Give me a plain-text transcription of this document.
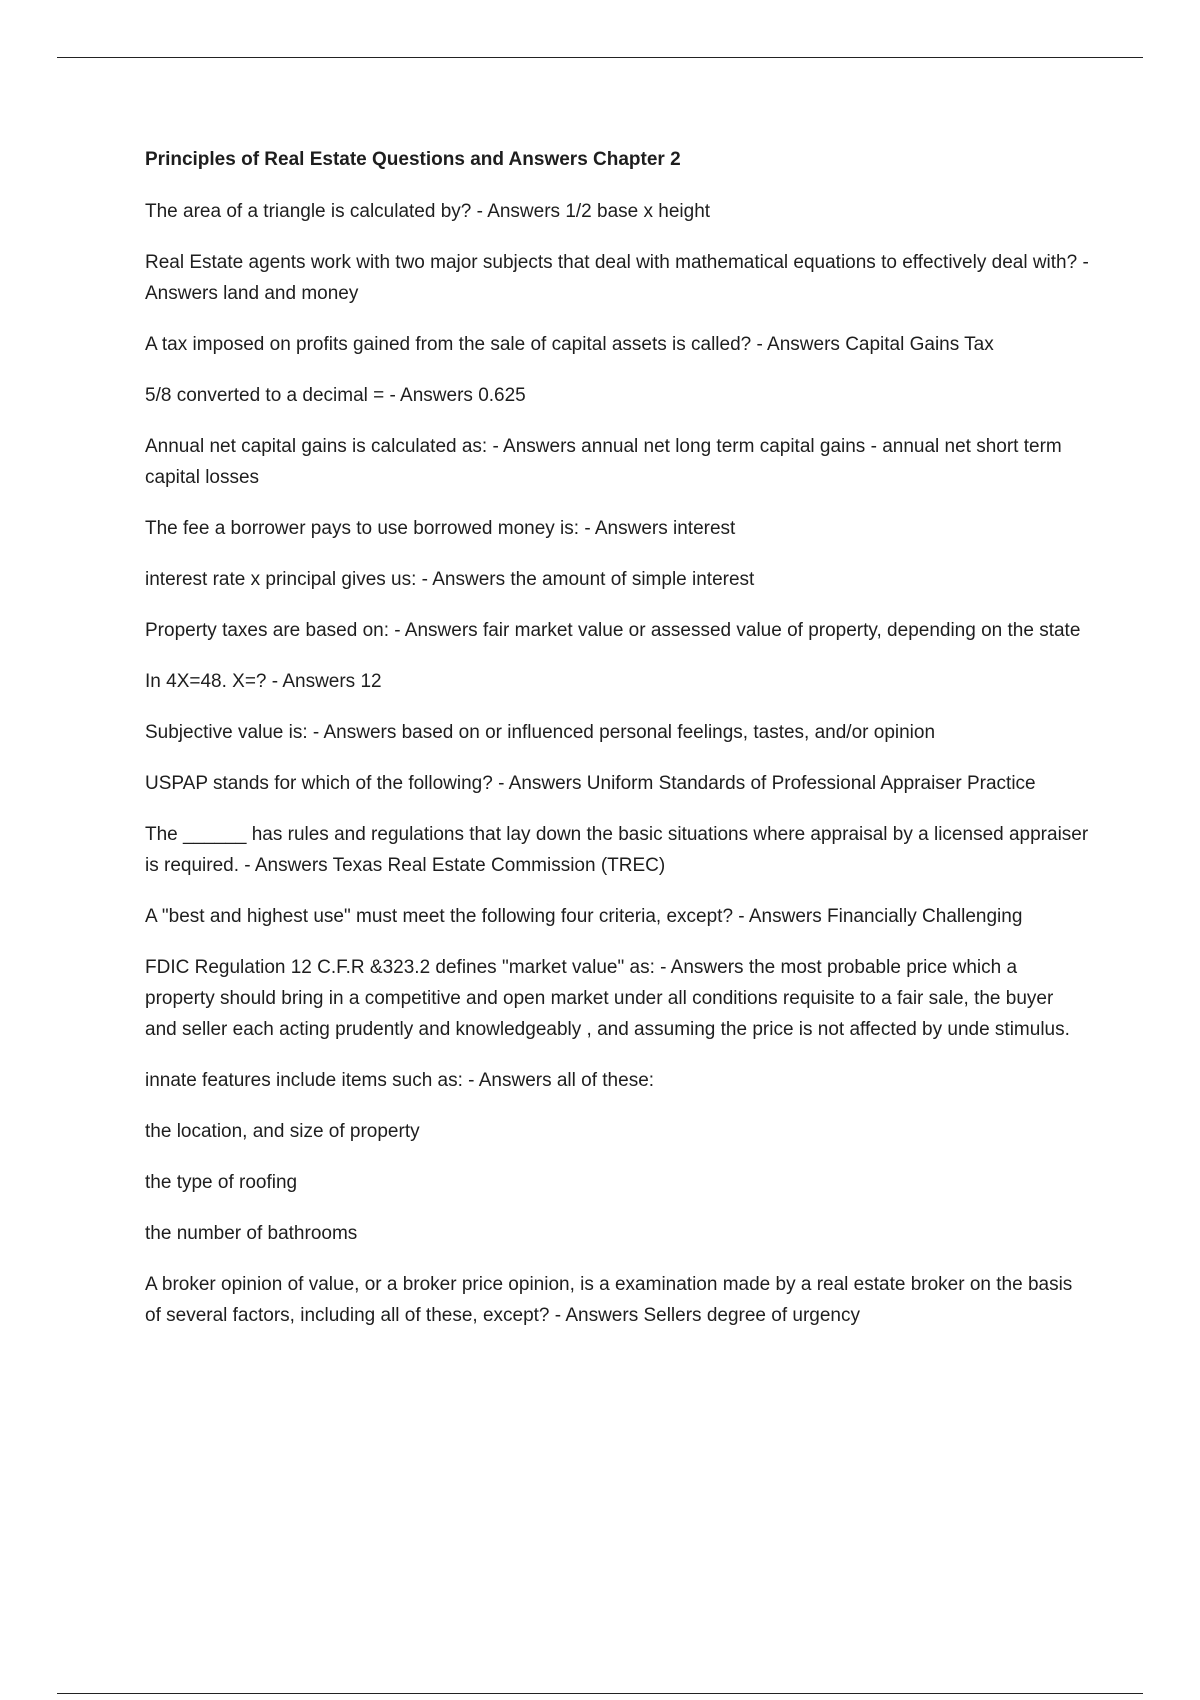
Principles of Real Estate Questions and Answers Chapter 2

The area of a triangle is calculated by? - Answers 1/2 base x height

Real Estate agents work with two major subjects that deal with mathematical equations to effectively deal with? - Answers land and money

A tax imposed on profits gained from the sale of capital assets is called? - Answers Capital Gains Tax

5/8 converted to a decimal = - Answers 0.625

Annual net capital gains is calculated as: - Answers annual net long term capital gains - annual net short term capital losses

The fee a borrower pays to use borrowed money is: - Answers interest

interest rate x principal gives us: - Answers the amount of simple interest

Property taxes are based on: - Answers fair market value or assessed value of property, depending on the state

In 4X=48. X=? - Answers 12

Subjective value is: - Answers based on or influenced personal feelings, tastes, and/or opinion

USPAP stands for which of the following? - Answers Uniform Standards of Professional Appraiser Practice

The ______ has rules and regulations that lay down the basic situations where appraisal by a licensed appraiser is required. - Answers Texas Real Estate Commission (TREC)

A "best and highest use" must meet the following four criteria, except? - Answers Financially Challenging

FDIC Regulation 12 C.F.R &323.2 defines "market value" as: - Answers the most probable price which a property should bring in a competitive and open market under all conditions requisite to a fair sale, the buyer and seller each acting prudently and knowledgeably , and assuming the price is not affected by unde stimulus.

innate features include items such as: - Answers all of these:

the location, and size of property

the type of roofing

the number of bathrooms

A broker opinion of value, or a broker price opinion, is a examination made by a real estate broker on the basis of several factors, including all of these, except? - Answers Sellers degree of urgency
